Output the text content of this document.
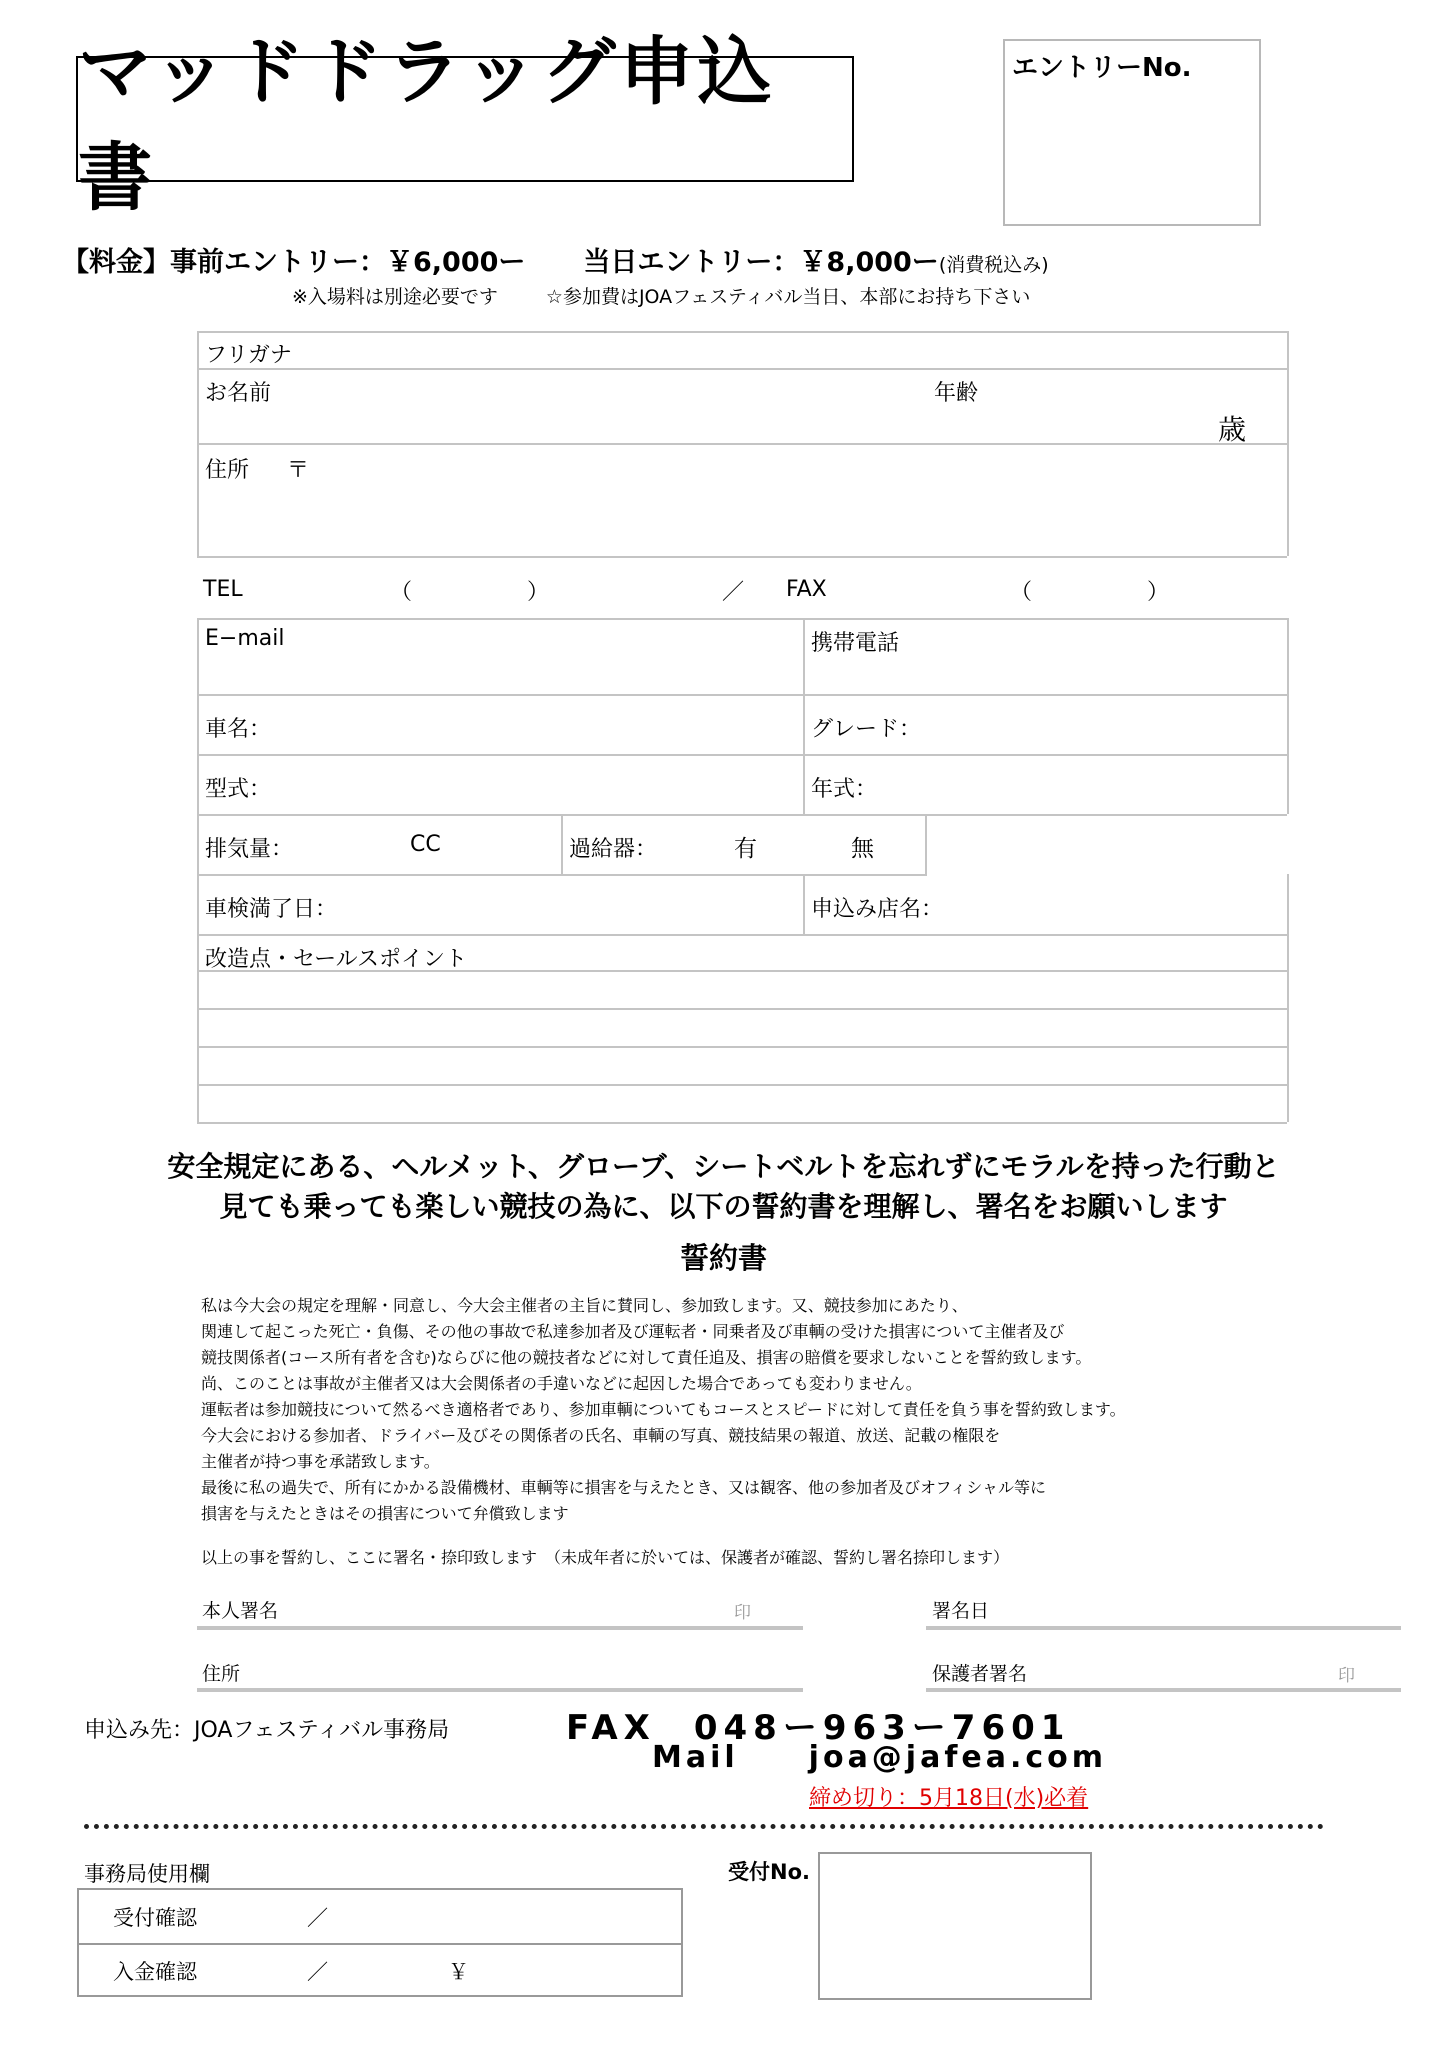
マッドドラッグ申込書
エントリーNo.
【料金】事前エントリー：￥6,000ー 当日エントリー：￥8,000ー(消費税込み)
※入場料は別途必要です	☆参加費はJOAフェスティバル当日、本部にお持ち下さい
フリガナ
お名前	年齢
歳
住所 〒
TEL	（	）	／ FAX	（	）
E−mail	携帯電話
車名：	グレード：
型式：	年式：
排気量：	CC	過給器：	有	無
車検満了日：	申込み店名：
改造点・セールスポイント
安全規定にある、ヘルメット、グローブ、シートベルトを忘れずにモラルを持った行動と
見ても乗っても楽しい競技の為に、以下の誓約書を理解し、署名をお願いします
誓約書
私は今大会の規定を理解・同意し、今大会主催者の主旨に賛同し、参加致します。又、競技参加にあたり、
関連して起こった死亡・負傷、その他の事故で私達参加者及び運転者・同乗者及び車輌の受けた損害について主催者及び
競技関係者(コース所有者を含む)ならびに他の競技者などに対して責任追及、損害の賠償を要求しないことを誓約致します。
尚、このことは事故が主催者又は大会関係者の手違いなどに起因した場合であっても変わりません。
運転者は参加競技について然るべき適格者であり、参加車輌についてもコースとスピードに対して責任を負う事を誓約致します。
今大会における参加者、ドライバー及びその関係者の氏名、車輌の写真、競技結果の報道、放送、記載の権限を
主催者が持つ事を承諾致します。
最後に私の過失で、所有にかかる設備機材、車輌等に損害を与えたとき、又は観客、他の参加者及びオフィシャル等に
損害を与えたときはその損害について弁償致します
以上の事を誓約し、ここに署名・捺印致します　（未成年者に於いては、保護者が確認、誓約し署名捺印します）
本人署名	印	署名日
住所	保護者署名	印
申込み先：JOAフェスティバル事務局	FAX 048ー963ー7601
Mail joa@jafea.com
締め切り：5月18日(水)必着
事務局使用欄
受付確認	／
入金確認	／	￥
受付No.
